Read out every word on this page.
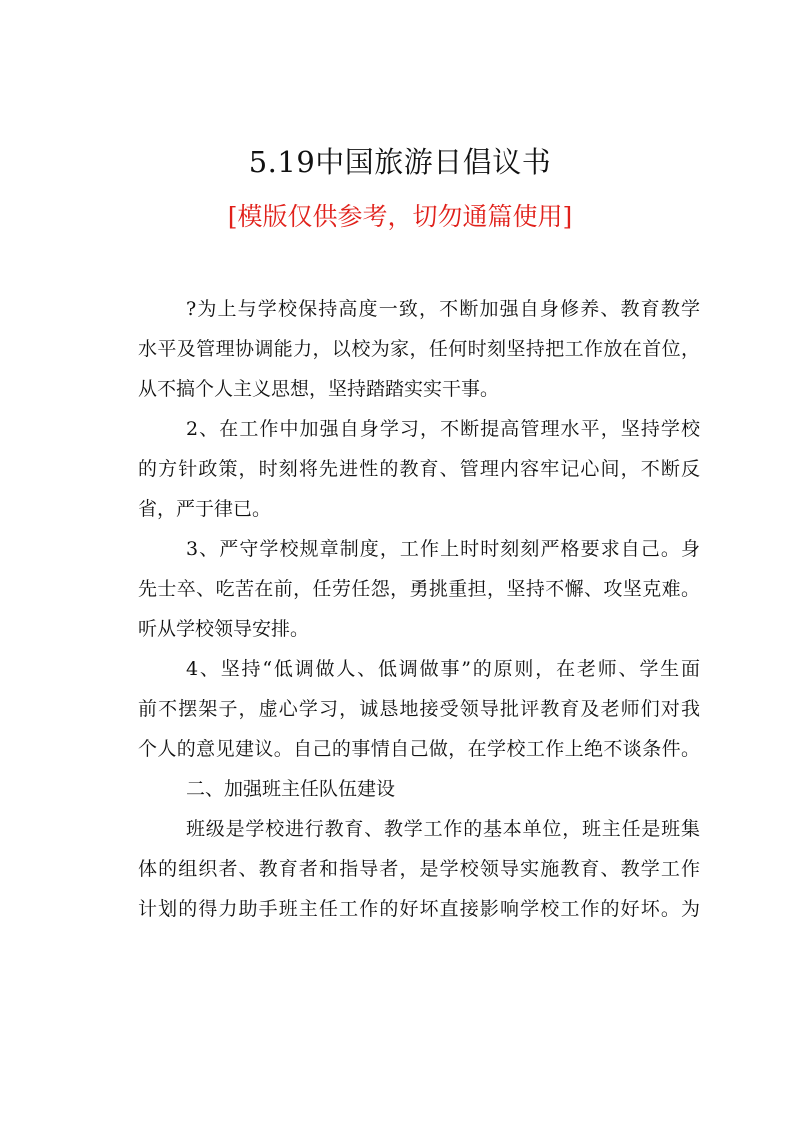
5.19中国旅游日倡议书
[模版仅供参考，切勿通篇使用]
?为上与学校保持高度一致，不断加强自身修养、教育教学
水平及管理协调能力，以校为家，任何时刻坚持把工作放在首位，
从不搞个人主义思想，坚持踏踏实实干事。
2、在工作中加强自身学习，不断提高管理水平，坚持学校
的方针政策，时刻将先进性的教育、管理内容牢记心间，不断反
省，严于律已。
3、严守学校规章制度，工作上时时刻刻严格要求自己。身
先士卒、吃苦在前，任劳任怨，勇挑重担，坚持不懈、攻坚克难。
听从学校领导安排。
4、坚持“低调做人、低调做事”的原则，在老师、学生面
前不摆架子，虚心学习，诚恳地接受领导批评教育及老师们对我
个人的意见建议。自己的事情自己做，在学校工作上绝不谈条件。
二、加强班主任队伍建设
班级是学校进行教育、教学工作的基本单位，班主任是班集
体的组织者、教育者和指导者，是学校领导实施教育、教学工作
计划的得力助手班主任工作的好坏直接影响学校工作的好坏。为
